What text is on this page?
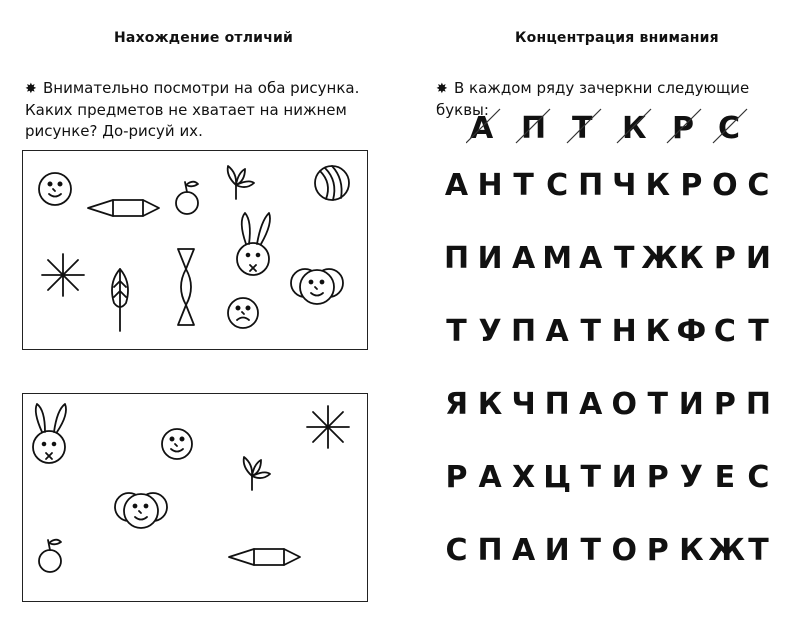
Нахождение отличий
✸ Внимательно посмотри на оба рисунка. Каких предметов не хватает на нижнем рисунке? До-рисуй их.
Концентрация внимания
✸ В каждом ряду зачеркни следующие буквы:
А П Т К Р С
А Н Т С П Ч К Р О С
П И А М А Т Ж К Р И
Т У П А Т Н К Ф С Т
Я К Ч П А О Т И Р П
Р А Х Ц Т И Р У Е С
С П А И Т О Р К Ж Т
